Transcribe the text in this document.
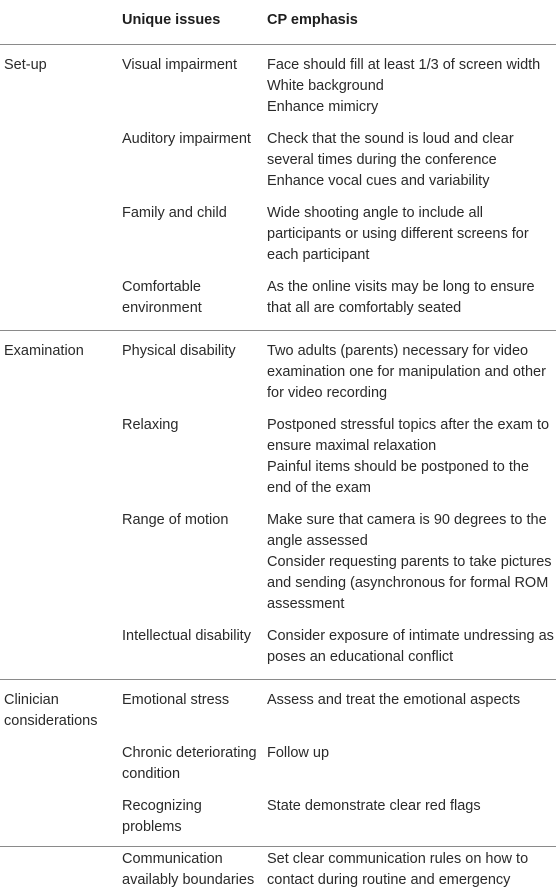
	Unique issues	CP emphasis
Set-up	Visual impairment	Face should fill at least 1/3 of screen width
White background
Enhance mimicry

	Auditory impairment	Check that the sound is loud and clear several times during the conference
Enhance vocal cues and variability

	Family and child	Wide shooting angle to include all participants or using different screens for each participant

	Comfortable environment	As the online visits may be long to ensure that all are comfortably seated

Examination	Physical disability	Two adults (parents) necessary for video examination one for manipulation and other for video recording

	Relaxing	Postponed stressful topics after the exam to ensure maximal relaxation
Painful items should be postponed to the end of the exam

	Range of motion	Make sure that camera is 90 degrees to the angle assessed
Consider requesting parents to take pictures and sending (asynchronous for formal ROM assessment

	Intellectual disability	Consider exposure of intimate undressing as poses an educational conflict

Clinician considerations	Emotional stress	Assess and treat the emotional aspects

	Chronic deteriorating condition	Follow up

	Recognizing problems	State demonstrate clear red flags

	Communication availably boundaries	Set clear communication rules on how to contact during routine and emergency
